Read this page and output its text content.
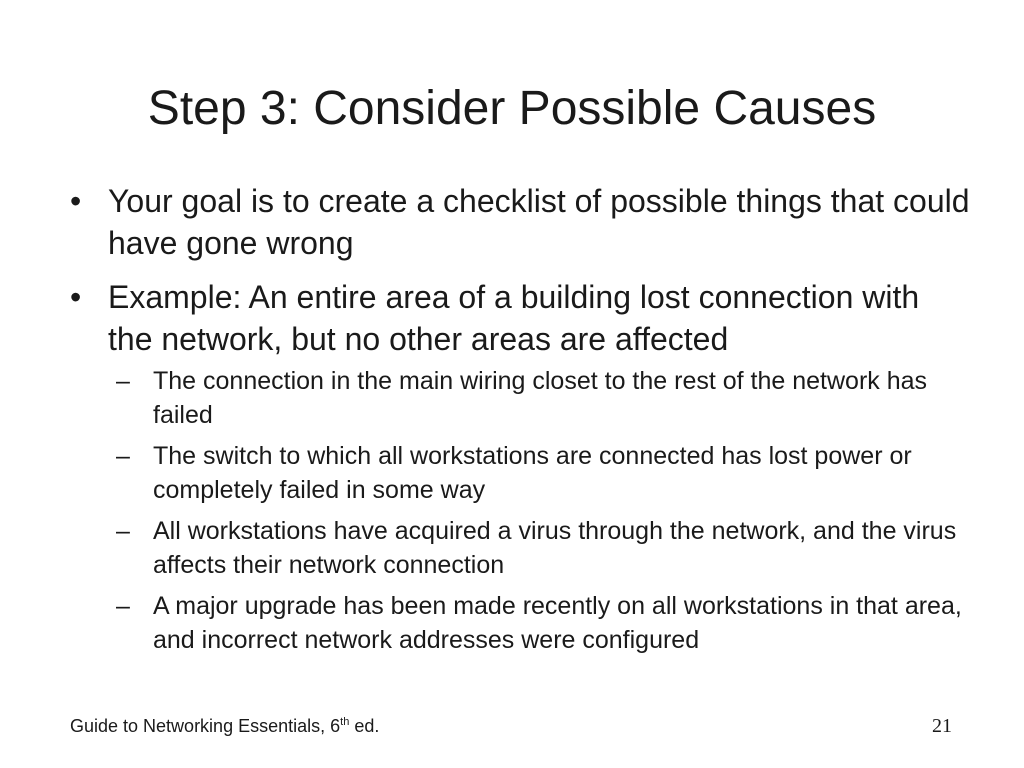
Step 3: Consider Possible Causes
• Your goal is to create a checklist of possible things that could have gone wrong
• Example: An entire area of a building lost connection with the network, but no other areas are affected
– The connection in the main wiring closet to the rest of the network has failed
– The switch to which all workstations are connected has lost power or completely failed in some way
– All workstations have acquired a virus through the network, and the virus affects their network connection
– A major upgrade has been made recently on all workstations in that area, and incorrect network addresses were configured
Guide to Networking Essentials, 6th ed.	21
